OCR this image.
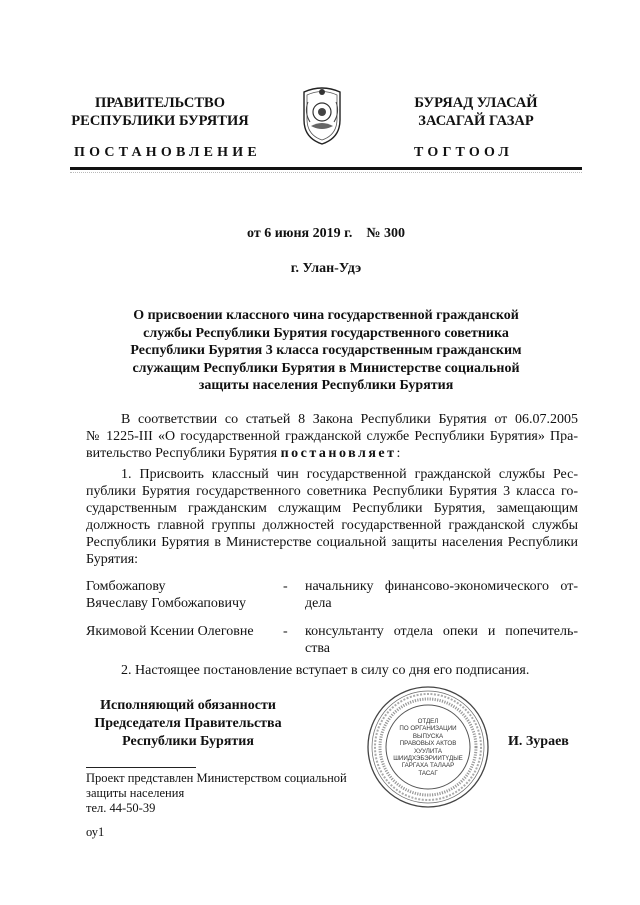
ПРАВИТЕЛЬСТВО
РЕСПУБЛИКИ БУРЯТИЯ
БУРЯАД УЛАСАЙ
ЗАСАГАЙ ГАЗАР
ПОСТАНОВЛЕНИЕ	ТОГТООЛ
от 6 июня 2019 г.    № 300
г. Улан-Удэ
О присвоении классного чина государственной гражданской
службы Республики Бурятия государственного советника
Республики Бурятия 3 класса государственным гражданским
служащим Республики Бурятия в Министерстве социальной
защиты населения Республики Бурятия
В соответствии со статьей 8 Закона Республики Бурятия от 06.07.2005
№ 1225-III «О государственной гражданской службе Республики Бурятия» Пра-
вительство Республики Бурятия постановляет:
1. Присвоить классный чин государственной гражданской службы Рес-
публики Бурятия государственного советника Республики Бурятия 3 класса го-
сударственным гражданским служащим Республики Бурятия, замещающим
должность главной группы должностей государственной гражданской службы
Республики Бурятия в Министерстве социальной защиты населения Республики
Бурятия:
Гомбожапову
Вячеславу Гомбожаповичу
- начальнику финансово-экономического от-
дела
Якимовой Ксении Олеговне	- консультанту отдела опеки и попечитель-
ства
2. Настоящее постановление вступает в силу со дня его подписания.
Исполняющий обязанности
Председателя Правительства
Республики Бурятия
ОТДЕЛ
ПО ОРГАНИЗАЦИИ
ВЫПУСКА
ПРАВОВЫХ АКТОВ
ХУУЛИТА
ШИИДХЭБЭРИИТҮДЫЕ
ГАРГАХА ТАЛААР
ТАСАГ
И. Зураев
Проект представлен Министерством социальной
защиты населения
тел. 44-50-39
оу1
